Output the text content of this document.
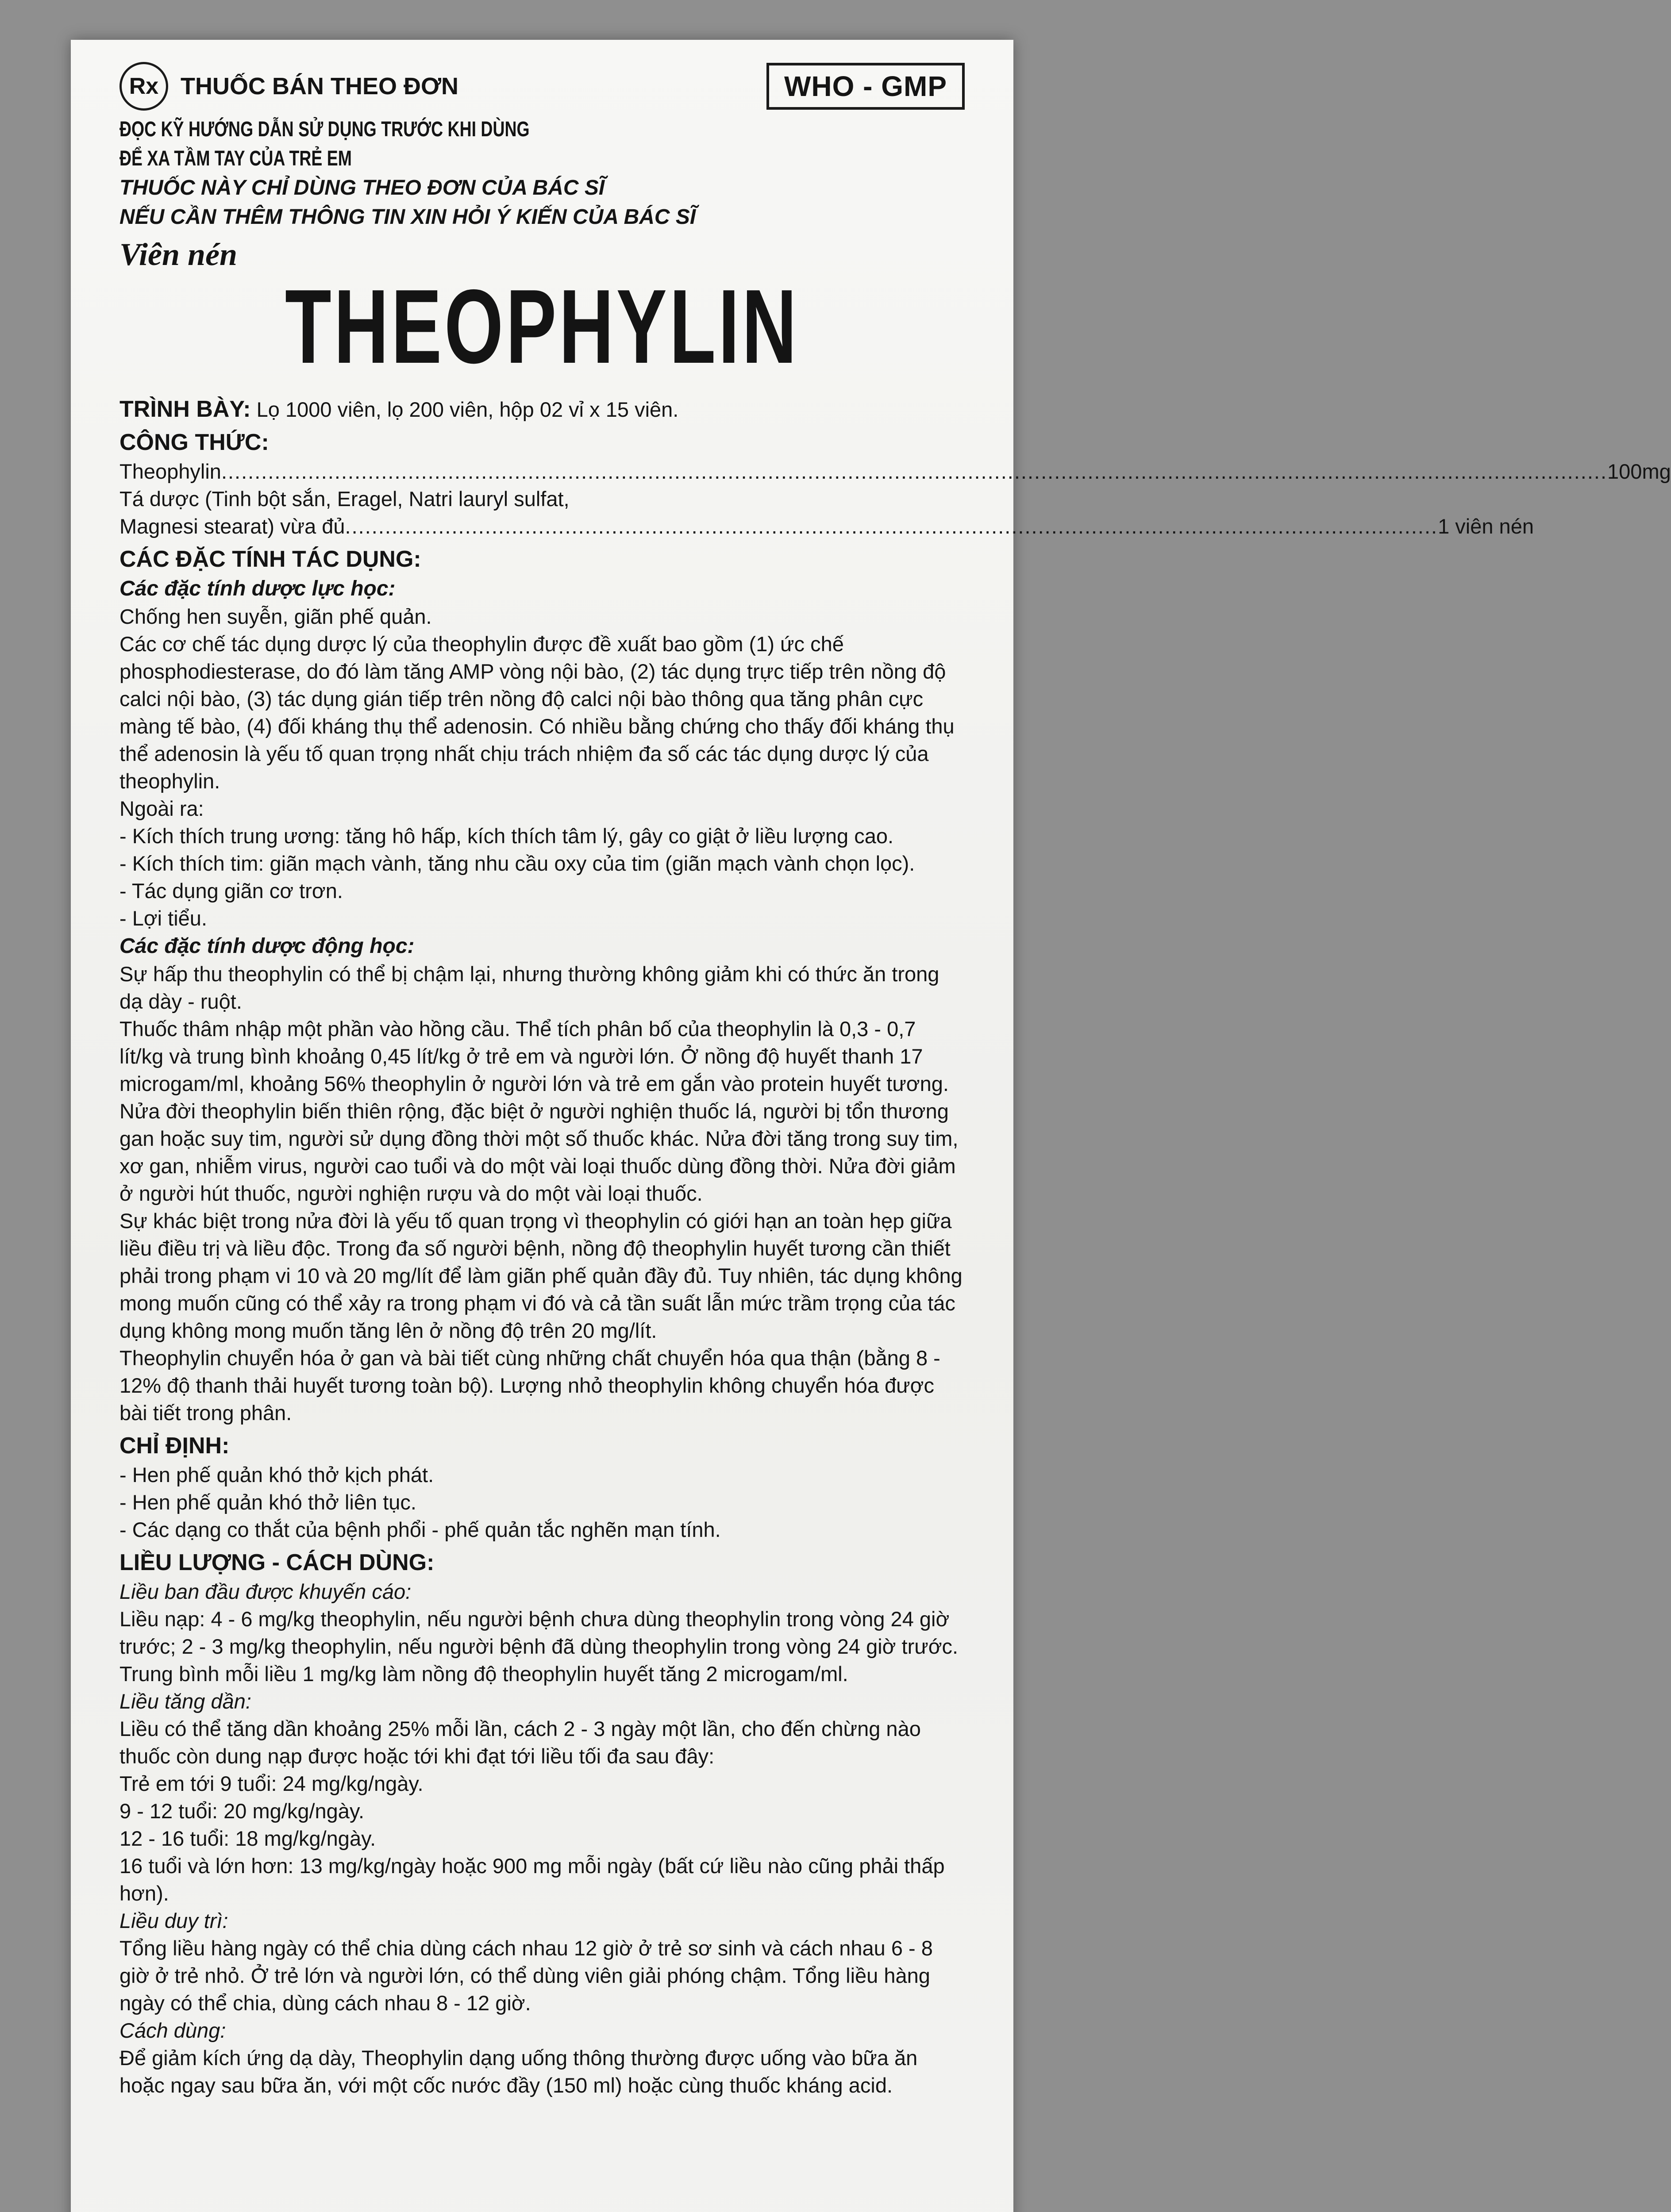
Rx THUỐC BÁN THEO ĐƠN	WHO - GMP
ĐỌC KỸ HƯỚNG DẪN SỬ DỤNG TRƯỚC KHI DÙNG
ĐỂ XA TẦM TAY CỦA TRẺ EM
THUỐC NÀY CHỈ DÙNG THEO ĐƠN CỦA BÁC SĨ
NẾU CẦN THÊM THÔNG TIN XIN HỎI Ý KIẾN CỦA BÁC SĨ
Viên nén
THEOPHYLIN
TRÌNH BÀY: Lọ 1000 viên, lọ 200 viên, hộp 02 vỉ x 15 viên.
CÔNG THỨC:
Theophylin ................................................................................................................................................................................................................ 100mg
Tá dược (Tinh bột sắn, Eragel, Natri lauryl sulfat,
Magnesi stearat) vừa đủ .................................................................................................................................................................... 1 viên nén
CÁC ĐẶC TÍNH TÁC DỤNG:
Các đặc tính dược lực học:

Chống hen suyễn, giãn phế quản.

Các cơ chế tác dụng dược lý của theophylin được đề xuất bao gồm (1) ức chế phosphodiesterase, do đó làm tăng AMP vòng nội bào, (2) tác dụng trực tiếp trên nồng độ calci nội bào, (3) tác dụng gián tiếp trên nồng độ calci nội bào thông qua tăng phân cực màng tế bào, (4) đối kháng thụ thể adenosin. Có nhiều bằng chứng cho thấy đối kháng thụ thể adenosin là yếu tố quan trọng nhất chịu trách nhiệm đa số các tác dụng dược lý của theophylin.

Ngoài ra:

- Kích thích trung ương: tăng hô hấp, kích thích tâm lý, gây co giật ở liều lượng cao.

- Kích thích tim: giãn mạch vành, tăng nhu cầu oxy của tim (giãn mạch vành chọn lọc).

- Tác dụng giãn cơ trơn.

- Lợi tiểu.

Các đặc tính dược động học:

Sự hấp thu theophylin có thể bị chậm lại, nhưng thường không giảm khi có thức ăn trong dạ dày - ruột.

Thuốc thâm nhập một phần vào hồng cầu. Thể tích phân bố của theophylin là 0,3 - 0,7 lít/kg và trung bình khoảng 0,45 lít/kg ở trẻ em và người lớn. Ở nồng độ huyết thanh 17 microgam/ml, khoảng 56% theophylin ở người lớn và trẻ em gắn vào protein huyết tương.

Nửa đời theophylin biến thiên rộng, đặc biệt ở người nghiện thuốc lá, người bị tổn thương gan hoặc suy tim, người sử dụng đồng thời một số thuốc khác. Nửa đời tăng trong suy tim, xơ gan, nhiễm virus, người cao tuổi và do một vài loại thuốc dùng đồng thời. Nửa đời giảm ở người hút thuốc, người nghiện rượu và do một vài loại thuốc.

Sự khác biệt trong nửa đời là yếu tố quan trọng vì theophylin có giới hạn an toàn hẹp giữa liều điều trị và liều độc. Trong đa số người bệnh, nồng độ theophylin huyết tương cần thiết phải trong phạm vi 10 và 20 mg/lít để làm giãn phế quản đầy đủ. Tuy nhiên, tác dụng không mong muốn cũng có thể xảy ra trong phạm vi đó và cả tần suất lẫn mức trầm trọng của tác dụng không mong muốn tăng lên ở nồng độ trên 20 mg/lít.

Theophylin chuyển hóa ở gan và bài tiết cùng những chất chuyển hóa qua thận (bằng 8 - 12% độ thanh thải huyết tương toàn bộ). Lượng nhỏ theophylin không chuyển hóa được bài tiết trong phân.

CHỈ ĐỊNH:

- Hen phế quản khó thở kịch phát.

- Hen phế quản khó thở liên tục.

- Các dạng co thắt của bệnh phổi - phế quản tắc nghẽn mạn tính.

LIỀU LƯỢNG - CÁCH DÙNG:
Liều ban đầu được khuyến cáo:

Liều nạp: 4 - 6 mg/kg theophylin, nếu người bệnh chưa dùng theophylin trong vòng 24 giờ trước; 2 - 3 mg/kg theophylin, nếu người bệnh đã dùng theophylin trong vòng 24 giờ trước.

Trung bình mỗi liều 1 mg/kg làm nồng độ theophylin huyết tăng 2 microgam/ml.

Liều tăng dần:

Liều có thể tăng dần khoảng 25% mỗi lần, cách 2 - 3 ngày một lần, cho đến chừng nào thuốc còn dung nạp được hoặc tới khi đạt tới liều tối đa sau đây:

Trẻ em tới 9 tuổi: 24 mg/kg/ngày.

9 - 12 tuổi: 20 mg/kg/ngày.

12 - 16 tuổi: 18 mg/kg/ngày.

16 tuổi và lớn hơn: 13 mg/kg/ngày hoặc 900 mg mỗi ngày (bất cứ liều nào cũng phải thấp hơn).

Liều duy trì:

Tổng liều hàng ngày có thể chia dùng cách nhau 12 giờ ở trẻ sơ sinh và cách nhau 6 - 8 giờ ở trẻ nhỏ. Ở trẻ lớn và người lớn, có thể dùng viên giải phóng chậm. Tổng liều hàng ngày có thể chia, dùng cách nhau 8 - 12 giờ.

Cách dùng:

Để giảm kích ứng dạ dày, Theophylin dạng uống thông thường được uống vào bữa ăn hoặc ngay sau bữa ăn, với một cốc nước đầy (150 ml) hoặc cùng thuốc kháng acid.
